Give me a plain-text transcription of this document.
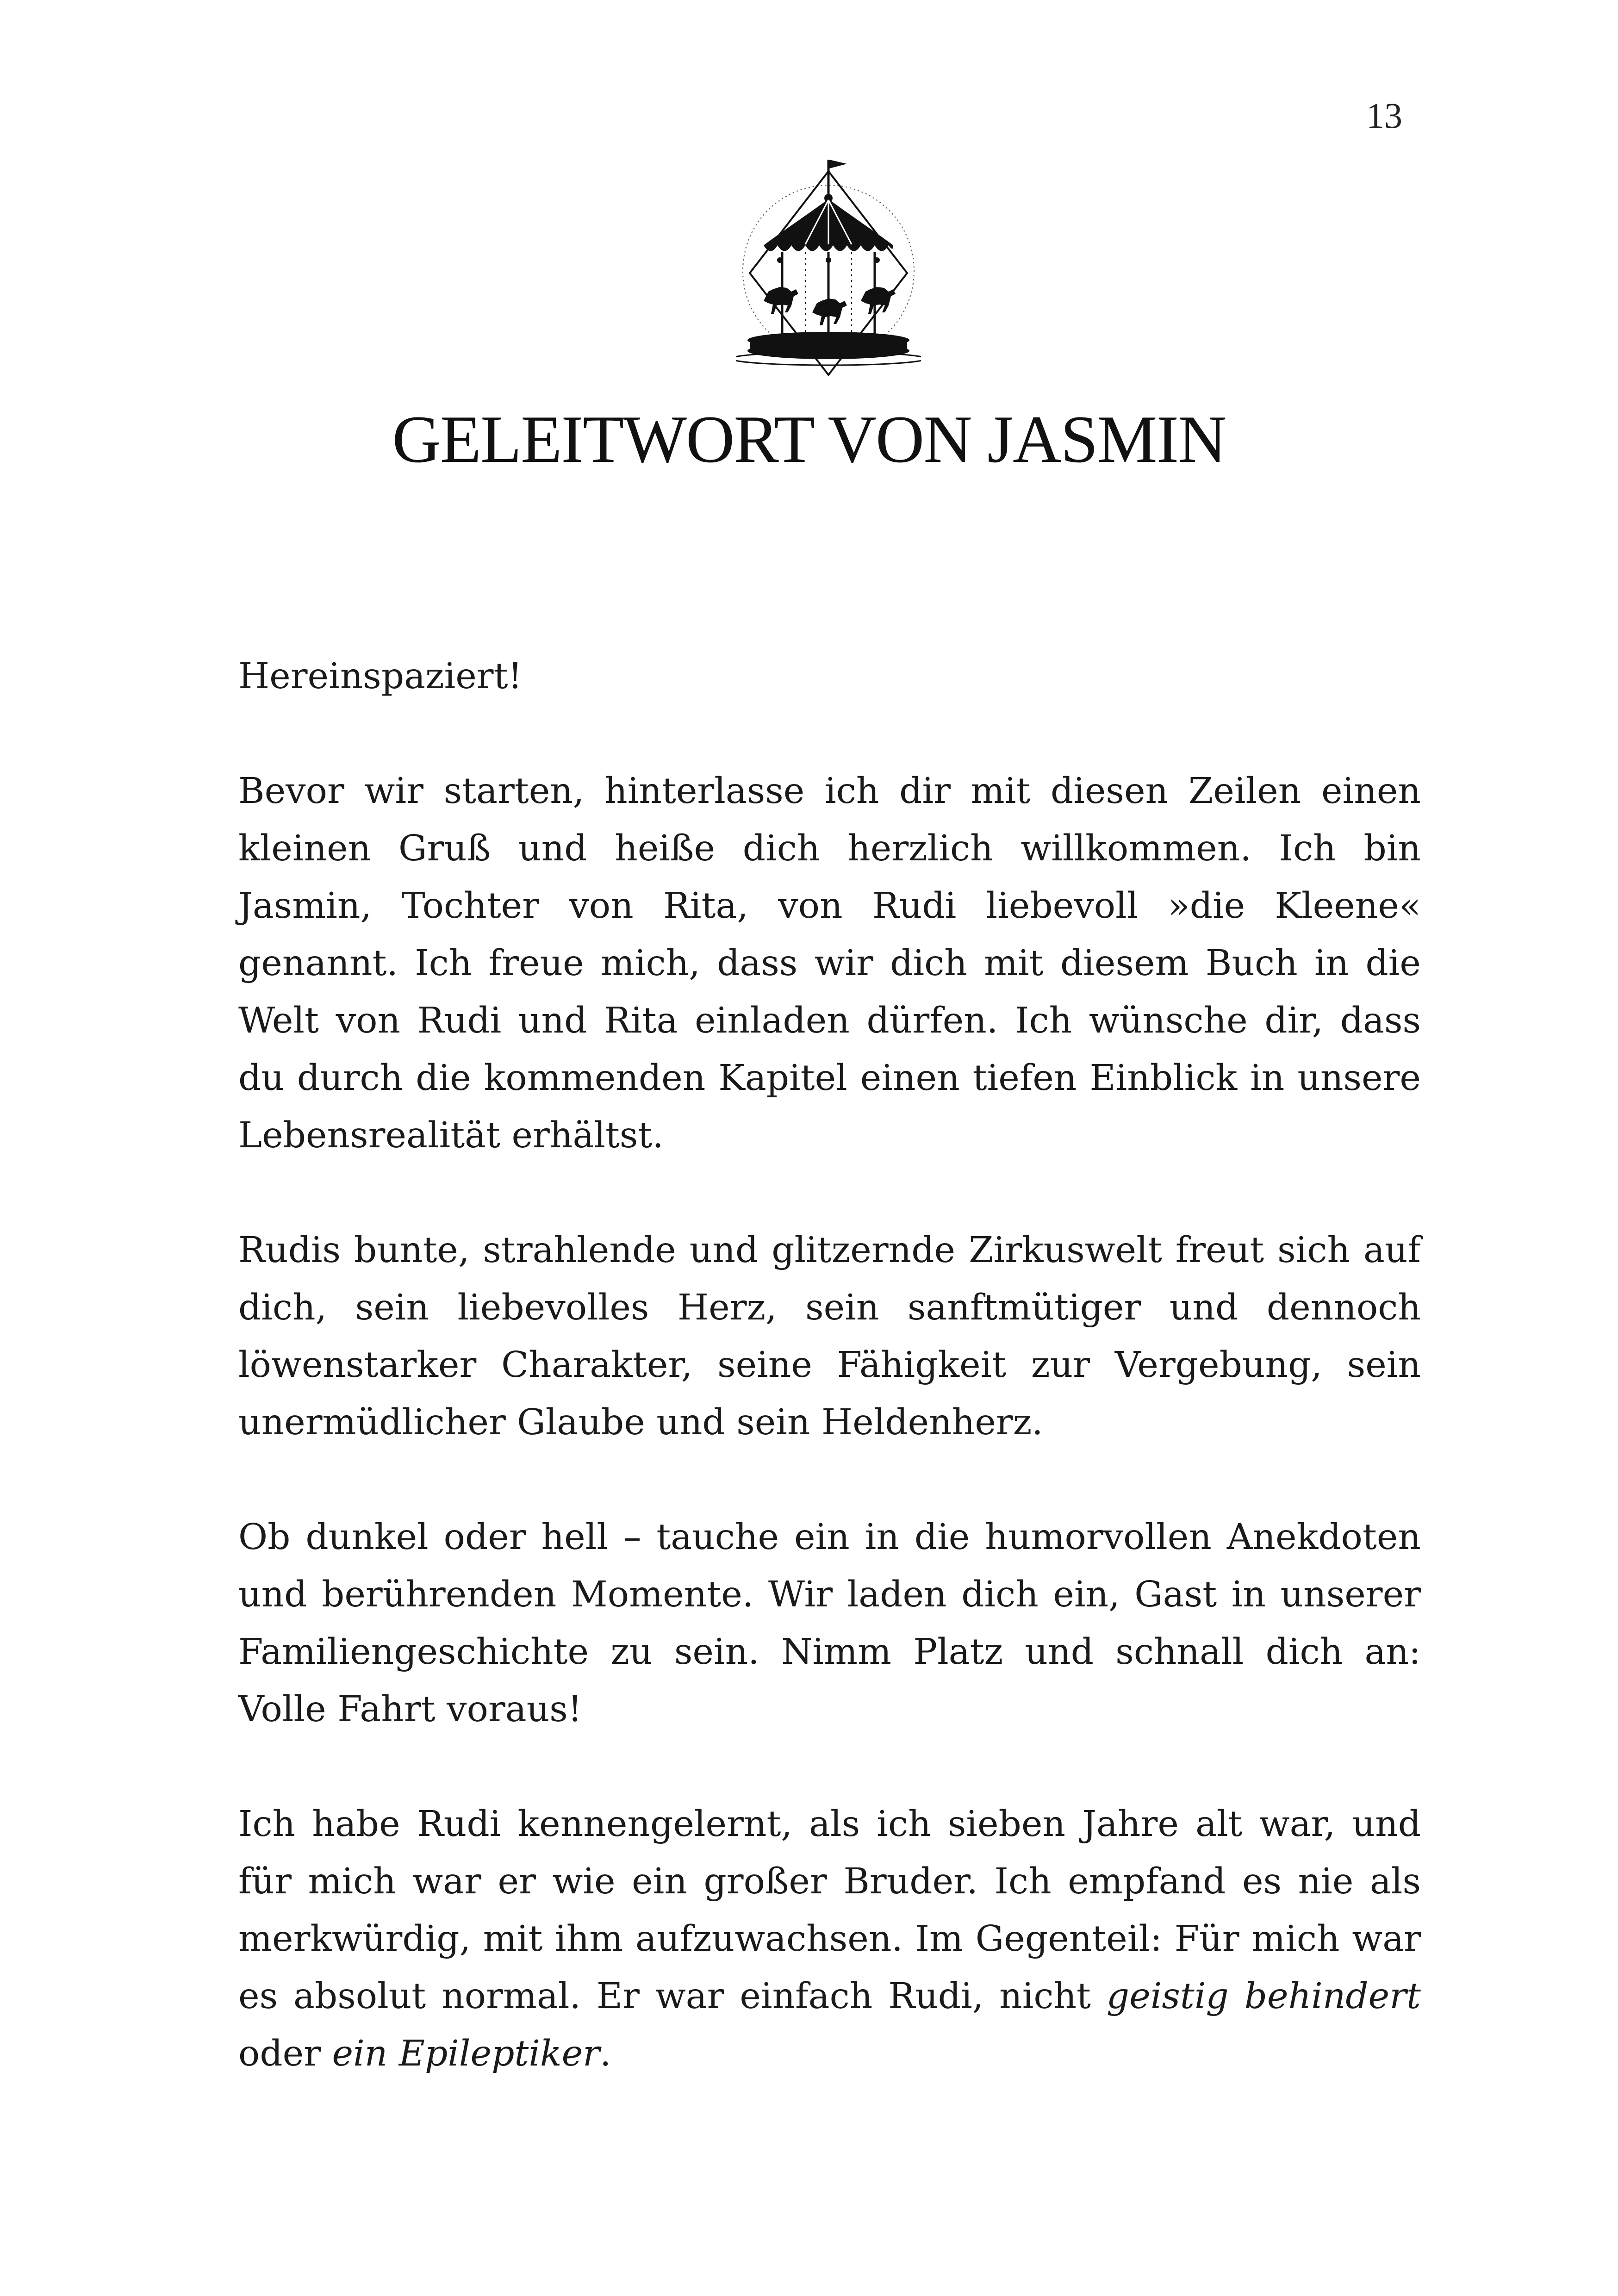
13
GELEITWORT VON JASMIN

Hereinspaziert!

Bevor wir starten, hinterlasse ich dir mit diesen Zeilen einen kleinen Gruß und heiße dich herzlich willkommen. Ich bin Jasmin, Tochter von Rita, von Rudi liebevoll »die Kleene« genannt. Ich freue mich, dass wir dich mit diesem Buch in die Welt von Rudi und Rita einladen dürfen. Ich wünsche dir, dass du durch die kommenden Kapitel einen tiefen Einblick in unsere Lebensrealität erhältst.

Rudis bunte, strahlende und glitzernde Zirkuswelt freut sich auf dich, sein liebevolles Herz, sein sanftmütiger und dennoch löwenstarker Charakter, seine Fähigkeit zur Vergebung, sein unermüdlicher Glaube und sein Heldenherz.

Ob dunkel oder hell – tauche ein in die humorvollen Anekdoten und berührenden Momente. Wir laden dich ein, Gast in unserer Familiengeschichte zu sein. Nimm Platz und schnall dich an: Volle Fahrt voraus!

Ich habe Rudi kennengelernt, als ich sieben Jahre alt war, und für mich war er wie ein großer Bruder. Ich empfand es nie als merkwürdig, mit ihm aufzuwachsen. Im Gegenteil: Für mich war es absolut normal. Er war einfach Rudi, nicht geistig behindert oder ein Epileptiker.
